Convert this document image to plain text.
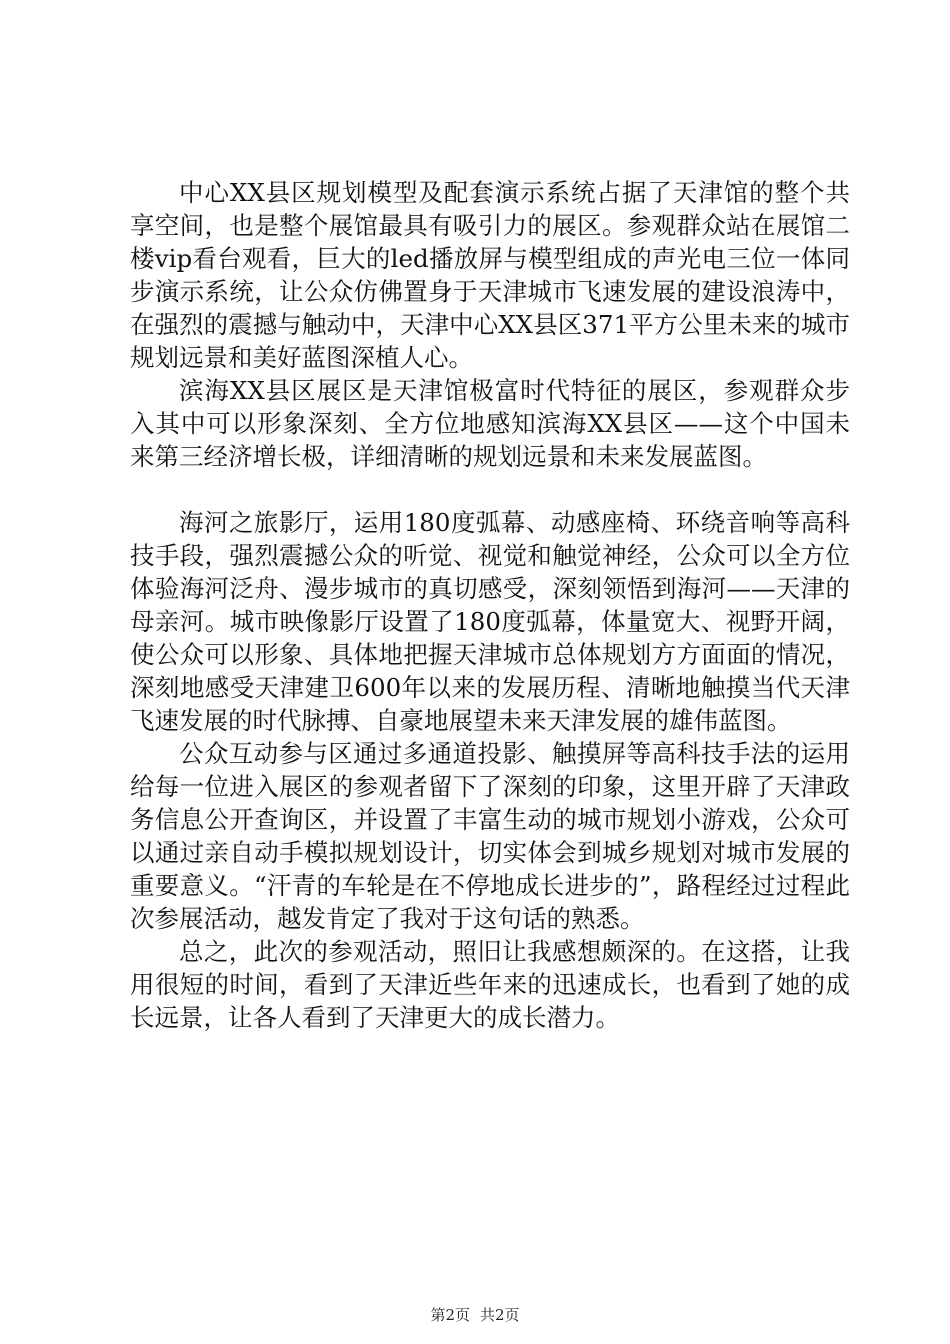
中心XX县区规划模型及配套演示系统占据了天津馆的整个共享空间，也是整个展馆最具有吸引力的展区。参观群众站在展馆二楼vip看台观看，巨大的led播放屏与模型组成的声光电三位一体同步演示系统，让公众仿佛置身于天津城市飞速发展的建设浪涛中，在强烈的震撼与触动中，天津中心XX县区371平方公里未来的城市规划远景和美好蓝图深植人心。

滨海XX县区展区是天津馆极富时代特征的展区，参观群众步入其中可以形象深刻、全方位地感知滨海XX县区——这个中国未来第三经济增长极，详细清晰的规划远景和未来发展蓝图。

海河之旅影厅，运用180度弧幕、动感座椅、环绕音响等高科技手段，强烈震撼公众的听觉、视觉和触觉神经，公众可以全方位体验海河泛舟、漫步城市的真切感受，深刻领悟到海河——天津的母亲河。城市映像影厅设置了180度弧幕，体量宽大、视野开阔，使公众可以形象、具体地把握天津城市总体规划方方面面的情况，深刻地感受天津建卫600年以来的发展历程、清晰地触摸当代天津飞速发展的时代脉搏、自豪地展望未来天津发展的雄伟蓝图。

公众互动参与区通过多通道投影、触摸屏等高科技手法的运用给每一位进入展区的参观者留下了深刻的印象，这里开辟了天津政务信息公开查询区，并设置了丰富生动的城市规划小游戏，公众可以通过亲自动手模拟规划设计，切实体会到城乡规划对城市发展的重要意义。“汗青的车轮是在不停地成长进步的”，路程经过过程此次参展活动，越发肯定了我对于这句话的熟悉。

总之，此次的参观活动，照旧让我感想颇深的。在这搭，让我用很短的时间，看到了天津近些年来的迅速成长，也看到了她的成长远景，让各人看到了天津更大的成长潜力。

第2页 共2页
